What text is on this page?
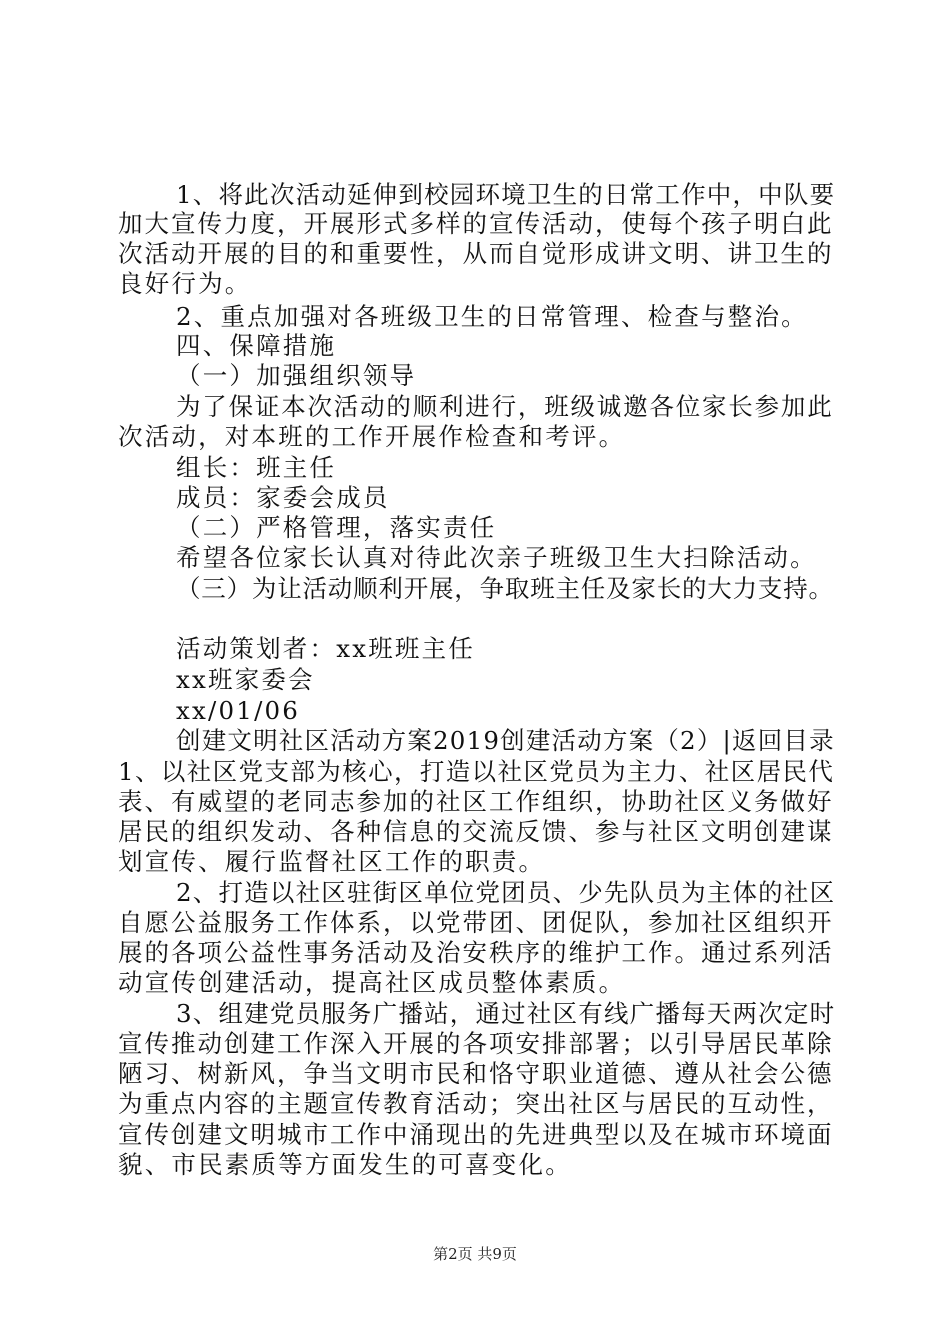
1、将此次活动延伸到校园环境卫生的日常工作中，中队要
加大宣传力度，开展形式多样的宣传活动，使每个孩子明白此
次活动开展的目的和重要性，从而自觉形成讲文明、讲卫生的
良好行为。
2、重点加强对各班级卫生的日常管理、检查与整治。
四、保障措施
（一）加强组织领导
为了保证本次活动的顺利进行，班级诚邀各位家长参加此
次活动，对本班的工作开展作检查和考评。
组长：班主任
成员：家委会成员
（二）严格管理，落实责任
希望各位家长认真对待此次亲子班级卫生大扫除活动。
（三）为让活动顺利开展，争取班主任及家长的大力支持。
活动策划者：xx班班主任
xx班家委会
xx/01/06
创建文明社区活动方案2019创建活动方案（2）|返回目录
1、以社区党支部为核心，打造以社区党员为主力、社区居民代
表、有威望的老同志参加的社区工作组织，协助社区义务做好
居民的组织发动、各种信息的交流反馈、参与社区文明创建谋
划宣传、履行监督社区工作的职责。
2、打造以社区驻街区单位党团员、少先队员为主体的社区
自愿公益服务工作体系，以党带团、团促队，参加社区组织开
展的各项公益性事务活动及治安秩序的维护工作。通过系列活
动宣传创建活动，提高社区成员整体素质。
3、组建党员服务广播站，通过社区有线广播每天两次定时
宣传推动创建工作深入开展的各项安排部署；以引导居民革除
陋习、树新风，争当文明市民和恪守职业道德、遵从社会公德
为重点内容的主题宣传教育活动；突出社区与居民的互动性，
宣传创建文明城市工作中涌现出的先进典型以及在城市环境面
貌、市民素质等方面发生的可喜变化。
第2页 共9页
